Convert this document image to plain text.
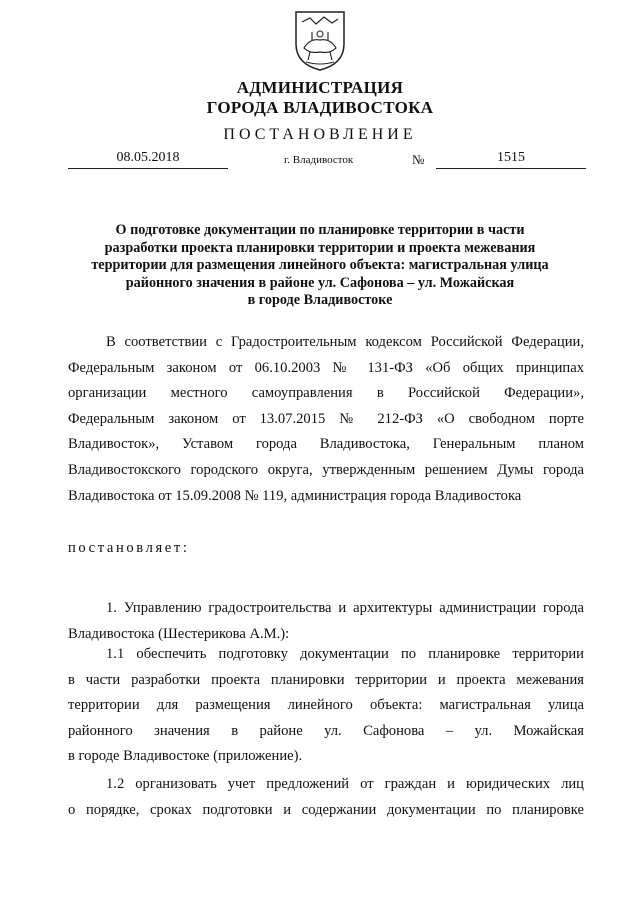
АДМИНИСТРАЦИЯ
ГОРОДА ВЛАДИВОСТОКА
ПОСТАНОВЛЕНИЕ
08.05.2018	г. Владивосток	№	1515
О подготовке документации по планировке территории в части
разработки проекта планировки территории и проекта межевания
территории для размещения линейного объекта: магистральная улица
районного значения в районе ул. Сафонова – ул. Можайская
в городе Владивостоке
В соответствии с Градостроительным кодексом Российской Федерации,
Федеральным законом от 06.10.2003 № 131-ФЗ «Об общих принципах
организации местного самоуправления в Российской Федерации»,
Федеральным законом от 13.07.2015 № 212-ФЗ «О свободном порте
Владивосток», Уставом города Владивостока, Генеральным планом
Владивостокского городского округа, утвержденным решением Думы города
Владивостока от 15.09.2008 № 119, администрация города Владивостока
постановляет:
1. Управлению градостроительства и архитектуры администрации города
Владивостока (Шестерикова А.М.):
1.1 обеспечить подготовку документации по планировке территории
в части разработки проекта планировки территории и проекта межевания
территории для размещения линейного объекта: магистральная улица
районного значения в районе ул. Сафонова – ул. Можайская
в городе Владивостоке (приложение).
1.2 организовать учет предложений от граждан и юридических лиц
о порядке, сроках подготовки и содержании документации по планировке
